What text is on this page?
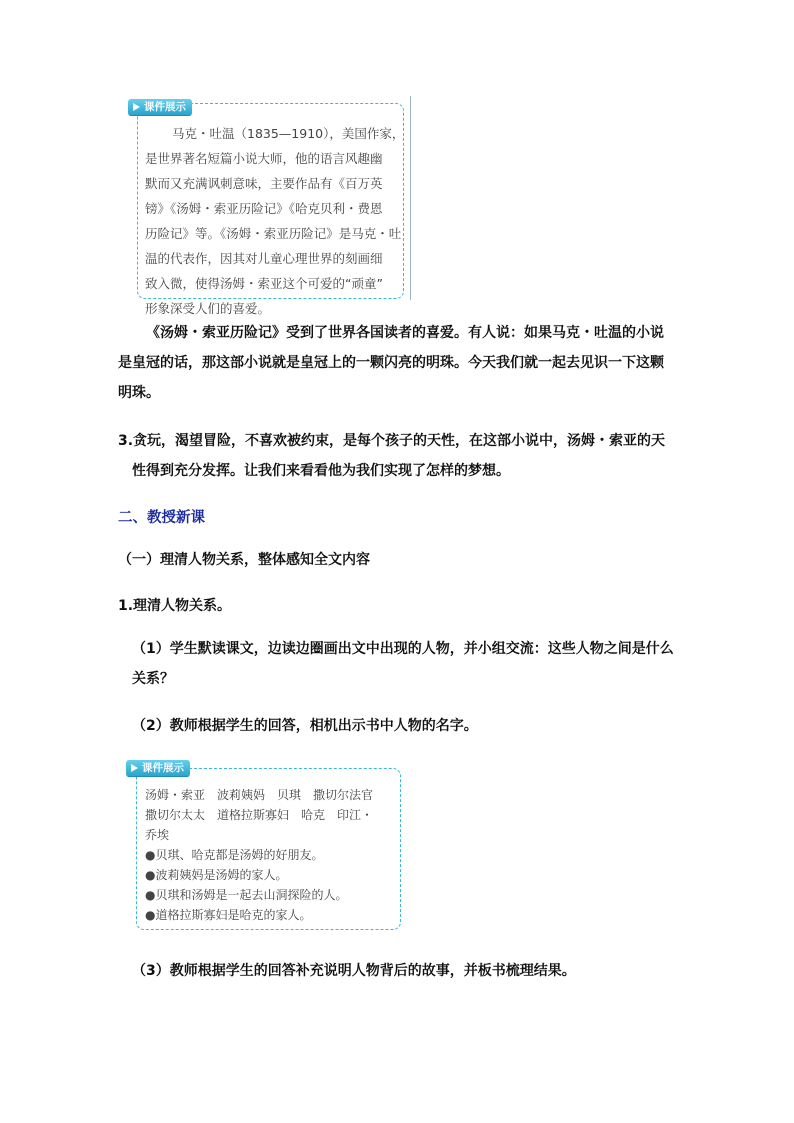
课件展示
马克・吐温（1835—1910），美国作家，
是世界著名短篇小说大师，他的语言风趣幽
默而又充满讽刺意味，主要作品有《百万英
镑》《汤姆・索亚历险记》《哈克贝利・费恩
历险记》等。《汤姆・索亚历险记》是马克・吐
温的代表作，因其对儿童心理世界的刻画细
致入微，使得汤姆・索亚这个可爱的“顽童”
形象深受人们的喜爱。
《汤姆・索亚历险记》受到了世界各国读者的喜爱。有人说：如果马克・吐温的小说
是皇冠的话，那这部小说就是皇冠上的一颗闪亮的明珠。今天我们就一起去见识一下这颗
明珠。
3.贪玩，渴望冒险，不喜欢被约束，是每个孩子的天性，在这部小说中，汤姆・索亚的天
性得到充分发挥。让我们来看看他为我们实现了怎样的梦想。
二、教授新课
（一）理清人物关系，整体感知全文内容
1.理清人物关系。
（1）学生默读课文，边读边圈画出文中出现的人物，并小组交流：这些人物之间是什么
关系？
（2）教师根据学生的回答，相机出示书中人物的名字。
课件展示
汤姆・索亚　波莉姨妈　贝琪　撒切尔法官
撒切尔太太　道格拉斯寡妇　哈克　印江・
乔埃
●贝琪、哈克都是汤姆的好朋友。
●波莉姨妈是汤姆的家人。
●贝琪和汤姆是一起去山洞探险的人。
●道格拉斯寡妇是哈克的家人。
（3）教师根据学生的回答补充说明人物背后的故事，并板书梳理结果。
